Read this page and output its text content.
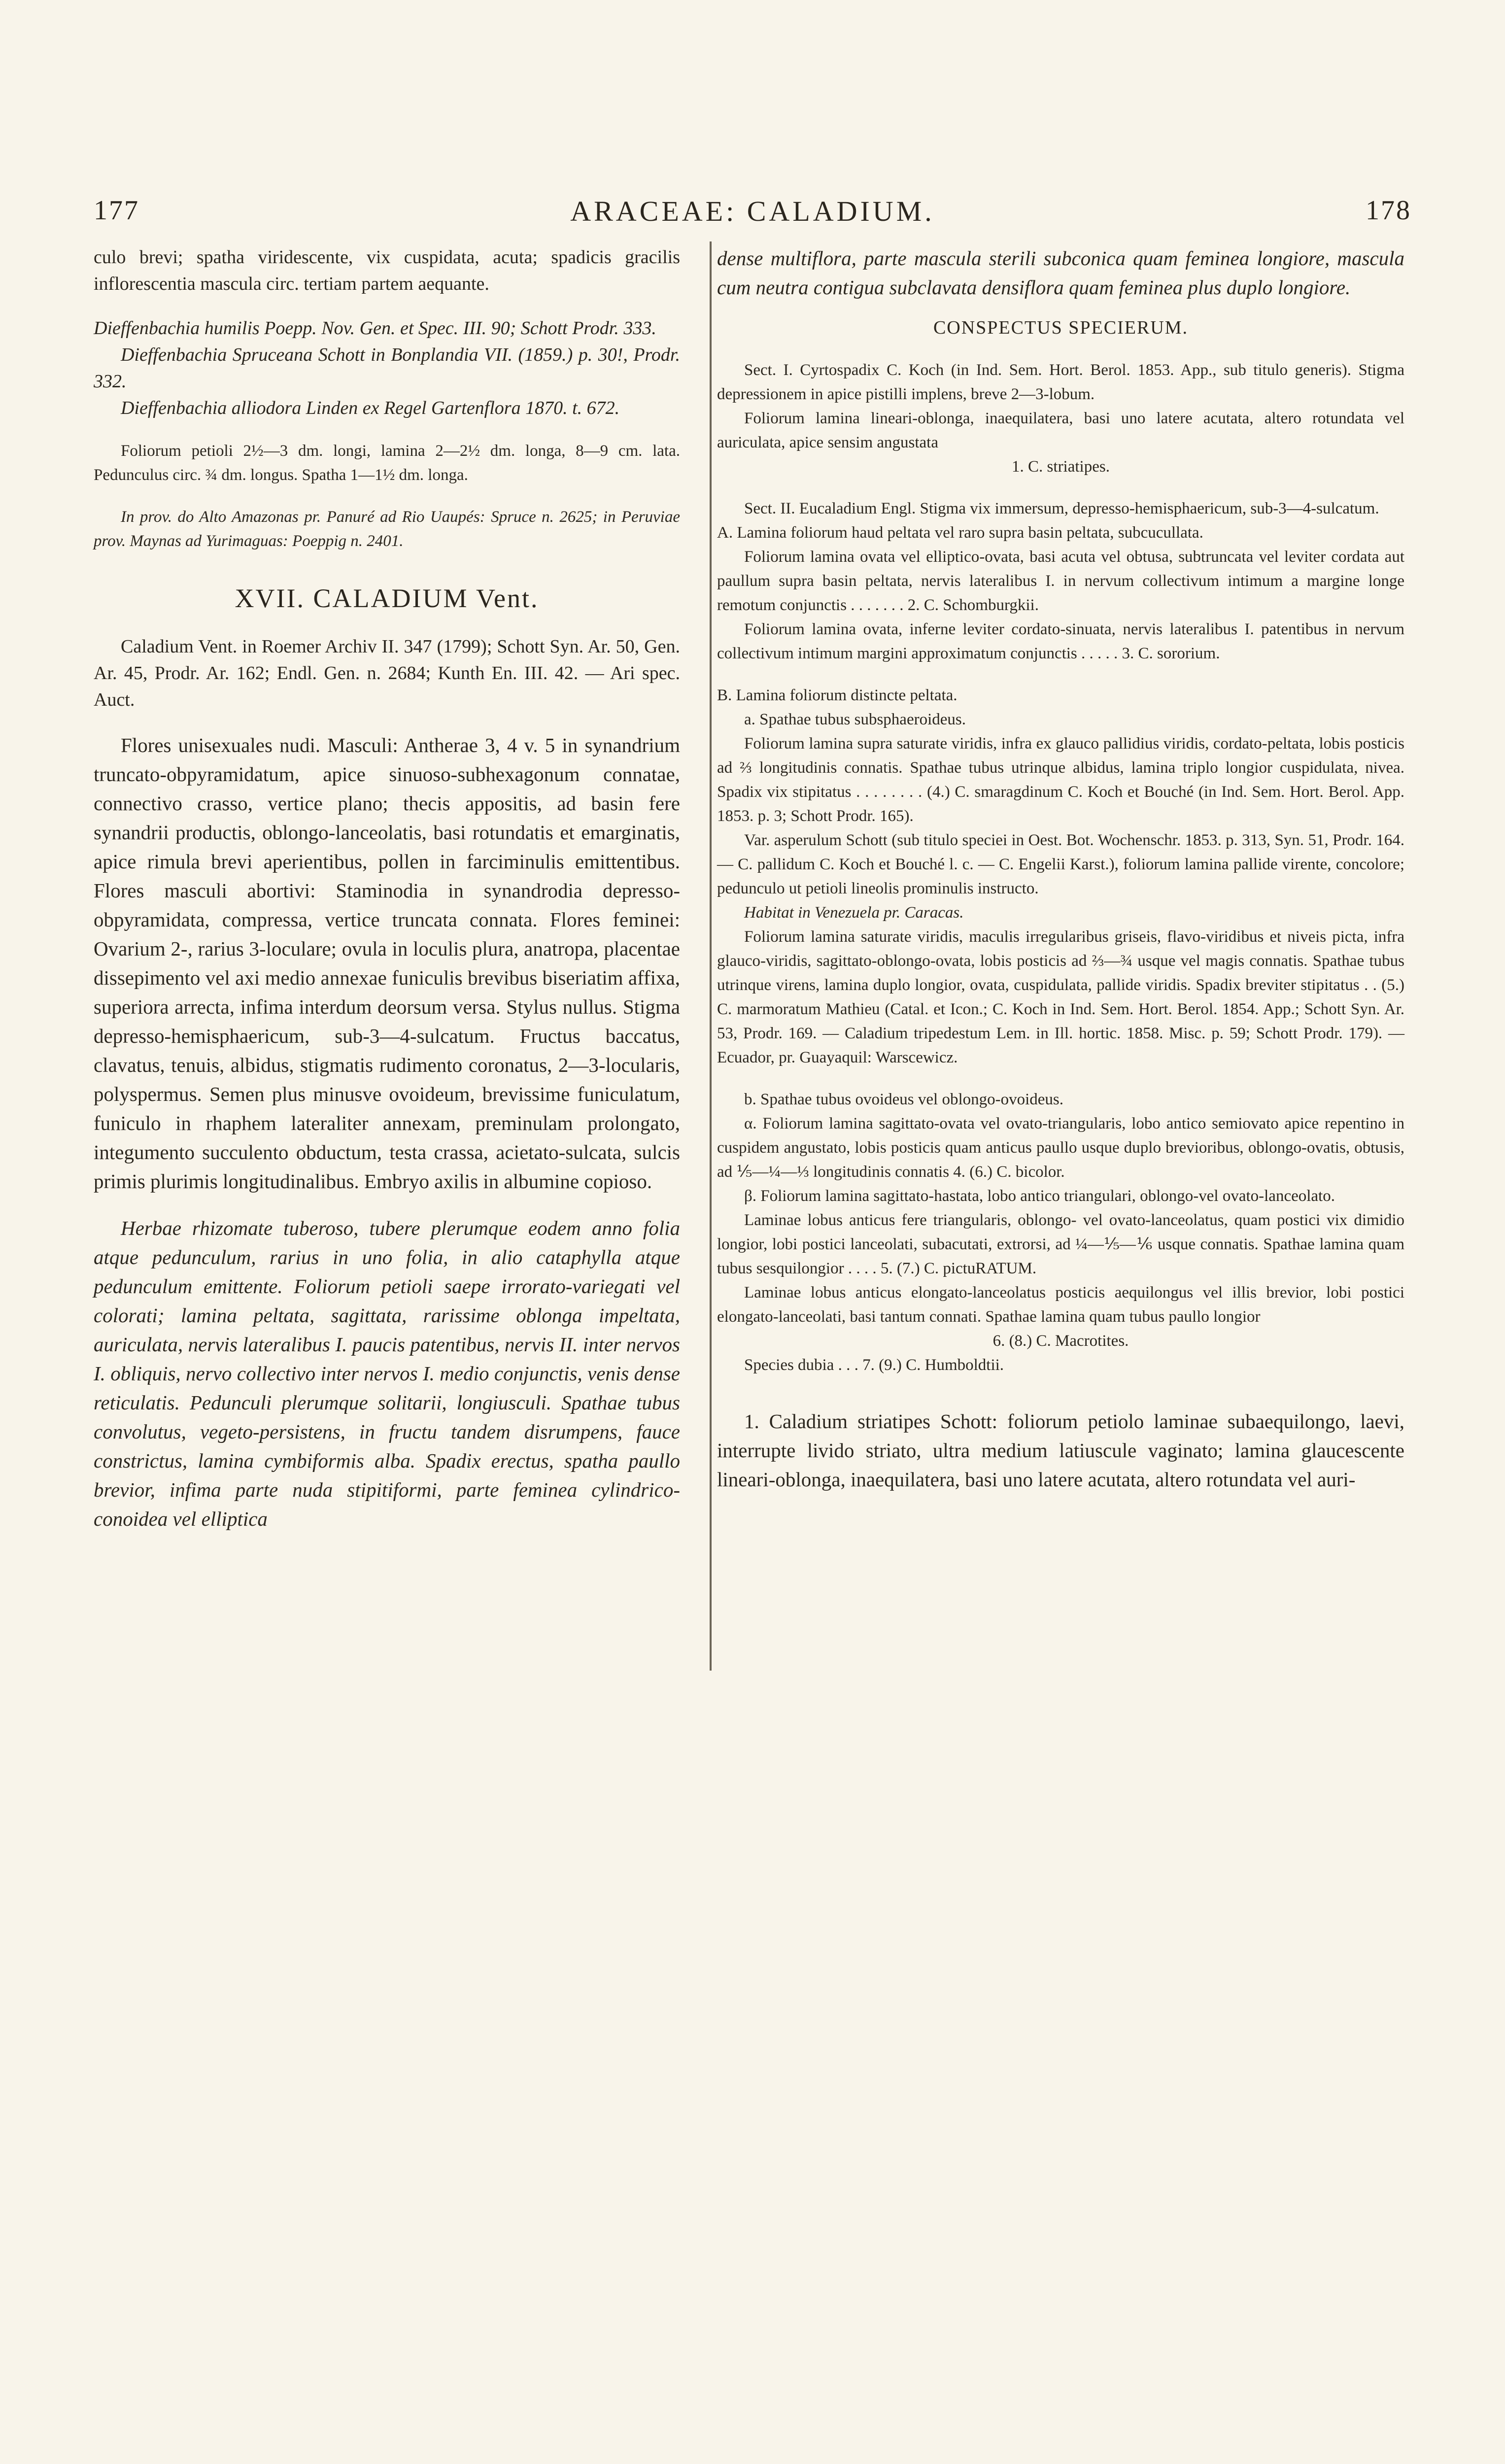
177	ARACEAE: CALADIUM.	178

culo brevi; spatha viridescente, vix cuspidata, acuta; spadicis gracilis inflorescentia mascula circ. tertiam partem aequante.

Dieffenbachia humilis Poepp. Nov. Gen. et Spec. III. 90; Schott Prodr. 333.

Dieffenbachia Spruceana Schott in Bonplandia VII. (1859.) p. 30!, Prodr. 332.

Dieffenbachia alliodora Linden ex Regel Gartenflora 1870. t. 672.

Foliorum petioli 2½—3 dm. longi, lamina 2—2½ dm. longa, 8—9 cm. lata. Pedunculus circ. ¾ dm. longus. Spatha 1—1½ dm. longa.

In prov. do Alto Amazonas pr. Panuré ad Rio Uaupés: Spruce n. 2625; in Peruviae prov. Maynas ad Yurimaguas: Poeppig n. 2401.

XVII. CALADIUM Vent.

Caladium Vent. in Roemer Archiv II. 347 (1799); Schott Syn. Ar. 50, Gen. Ar. 45, Prodr. Ar. 162; Endl. Gen. n. 2684; Kunth En. III. 42. — Ari spec. Auct.

Flores unisexuales nudi. Masculi: Antherae 3, 4 v. 5 in synandrium truncato-obpyramidatum, apice sinuoso-subhexagonum connatae, connectivo crasso, vertice plano; thecis appositis, ad basin fere synandrii productis, oblongo-lanceolatis, basi rotundatis et emarginatis, apice rimula brevi aperientibus, pollen in farciminulis emittentibus. Flores masculi abortivi: Staminodia in synandrodia depresso-obpyramidata, compressa, vertice truncata connata. Flores feminei: Ovarium 2-, rarius 3-loculare; ovula in loculis plura, anatropa, placentae dissepimento vel axi medio annexae funiculis brevibus biseriatim affixa, superiora arrecta, infima interdum deorsum versa. Stylus nullus. Stigma depresso-hemisphaericum, sub-3—4-sulcatum. Fructus baccatus, clavatus, tenuis, albidus, stigmatis rudimento coronatus, 2—3-locularis, polyspermus. Semen plus minusve ovoideum, brevissime funiculatum, funiculo in rhaphem lateraliter annexam, preminulam prolongato, integumento succulento obductum, testa crassa, acietato-sulcata, sulcis primis plurimis longitudinalibus. Embryo axilis in albumine copioso.

Herbae rhizomate tuberoso, tubere plerumque eodem anno folia atque pedunculum, rarius in uno folia, in alio cataphylla atque pedunculum emittente. Foliorum petioli saepe irrorato-variegati vel colorati; lamina peltata, sagittata, rarissime oblonga impeltata, auriculata, nervis lateralibus I. paucis patentibus, nervis II. inter nervos I. obliquis, nervo collectivo inter nervos I. medio conjunctis, venis dense reticulatis. Pedunculi plerumque solitarii, longiusculi. Spathae tubus convolutus, vegeto-persistens, in fructu tandem disrumpens, fauce constrictus, lamina cymbiformis alba. Spadix erectus, spatha paullo brevior, infima parte nuda stipitiformi, parte feminea cylindrico-conoidea vel elliptica

dense multiflora, parte mascula sterili subconica quam feminea longiore, mascula cum neutra contigua subclavata densiflora quam feminea plus duplo longiore.

CONSPECTUS SPECIERUM.

Sect. I. Cyrtospadix C. Koch (in Ind. Sem. Hort. Berol. 1853. App., sub titulo generis). Stigma depressionem in apice pistilli implens, breve 2—3-lobum.

Foliorum lamina lineari-oblonga, inaequilatera, basi uno latere acutata, altero rotundata vel auriculata, apice sensim angustata

1. C. striatipes.

Sect. II. Eucaladium Engl. Stigma vix immersum, depresso-hemisphaericum, sub-3—4-sulcatum.

A. Lamina foliorum haud peltata vel raro supra basin peltata, subcucullata.

Foliorum lamina ovata vel elliptico-ovata, basi acuta vel obtusa, subtruncata vel leviter cordata aut paullum supra basin peltata, nervis lateralibus I. in nervum collectivum intimum a margine longe remotum conjunctis . . . . . . . 2. C. Schomburgkii.

Foliorum lamina ovata, inferne leviter cordato-sinuata, nervis lateralibus I. patentibus in nervum collectivum intimum margini approximatum conjunctis . . . . . 3. C. sororium.

B. Lamina foliorum distincte peltata.

a. Spathae tubus subsphaeroideus.

Foliorum lamina supra saturate viridis, infra ex glauco pallidius viridis, cordato-peltata, lobis posticis ad ⅔ longitudinis connatis. Spathae tubus utrinque albidus, lamina triplo longior cuspidulata, nivea. Spadix vix stipitatus . . . . . . . . (4.) C. smaragdinum C. Koch et Bouché (in Ind. Sem. Hort. Berol. App. 1853. p. 3; Schott Prodr. 165).

Var. asperulum Schott (sub titulo speciei in Oest. Bot. Wochenschr. 1853. p. 313, Syn. 51, Prodr. 164. — C. pallidum C. Koch et Bouché l. c. — C. Engelii Karst.), foliorum lamina pallide virente, concolore; pedunculo ut petioli lineolis prominulis instructo.

Habitat in Venezuela pr. Caracas.

Foliorum lamina saturate viridis, maculis irregularibus griseis, flavo-viridibus et niveis picta, infra glauco-viridis, sagittato-oblongo-ovata, lobis posticis ad ⅔—¾ usque vel magis connatis. Spathae tubus utrinque virens, lamina duplo longior, ovata, cuspidulata, pallide viridis. Spadix breviter stipitatus . . (5.) C. marmoratum Mathieu (Catal. et Icon.; C. Koch in Ind. Sem. Hort. Berol. 1854. App.; Schott Syn. Ar. 53, Prodr. 169. — Caladium tripedestum Lem. in Ill. hortic. 1858. Misc. p. 59; Schott Prodr. 179). — Ecuador, pr. Guayaquil: Warscewicz.

b. Spathae tubus ovoideus vel oblongo-ovoideus.

α. Foliorum lamina sagittato-ovata vel ovato-triangularis, lobo antico semiovato apice repentino in cuspidem angustato, lobis posticis quam anticus paullo usque duplo brevioribus, oblongo-ovatis, obtusis, ad ⅕—¼—⅓ longitudinis connatis 4. (6.) C. bicolor.

β. Foliorum lamina sagittato-hastata, lobo antico triangulari, oblongo-vel ovato-lanceolato.

Laminae lobus anticus fere triangularis, oblongo- vel ovato-lanceolatus, quam postici vix dimidio longior, lobi postici lanceolati, subacutati, extrorsi, ad ¼—⅕—⅙ usque connatis. Spathae lamina quam tubus sesquilongior . . . . 5. (7.) C. pictuRATUM.

Laminae lobus anticus elongato-lanceolatus posticis aequilongus vel illis brevior, lobi postici elongato-lanceolati, basi tantum connati. Spathae lamina quam tubus paullo longior

6. (8.) C. Macrotites.

Species dubia . . . 7. (9.) C. Humboldtii.

1. Caladium striatipes Schott: foliorum petiolo laminae subaequilongo, laevi, interrupte livido striato, ultra medium latiuscule vaginato; lamina glaucescente lineari-oblonga, inaequilatera, basi uno latere acutata, altero rotundata vel auri-
